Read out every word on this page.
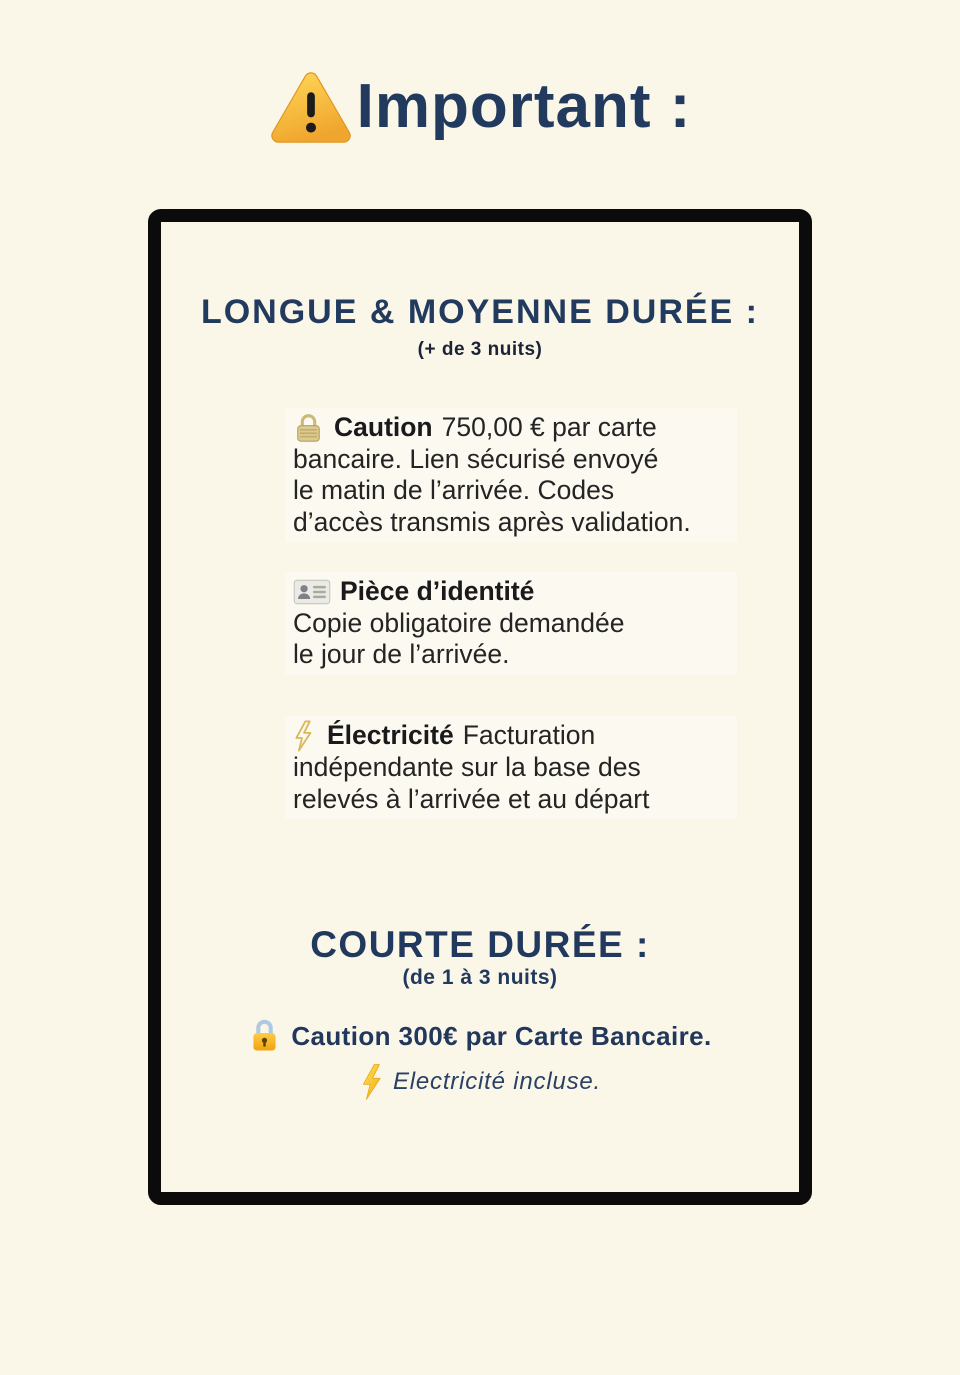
Important :
LONGUE & MOYENNE DURÉE :
(+ de 3 nuits)
Caution 750,00 € par carte
bancaire. Lien sécurisé envoyé
le matin de l’arrivée. Codes
d’accès transmis après validation.
Pièce d’identité
Copie obligatoire demandée
le jour de l’arrivée.
Électricité Facturation
indépendante sur la base des
relevés à l’arrivée et au départ
COURTE DURÉE :
(de 1 à 3 nuits)
Caution 300€ par Carte Bancaire.
Electricité incluse.
